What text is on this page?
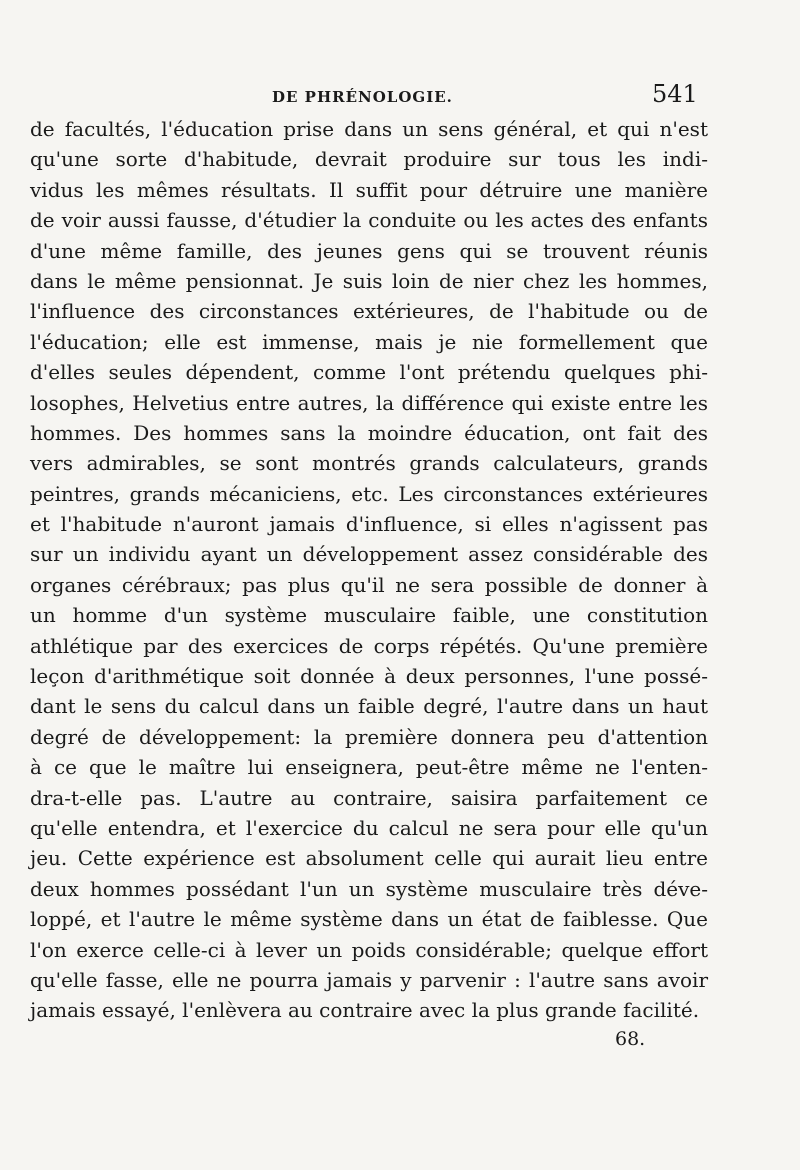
DE PHRÉNOLOGIE.	541
de facultés, l'éducation prise dans un sens général, et qui n'est
qu'une sorte d'habitude, devrait produire sur tous les indi-
vidus les mêmes résultats. Il suffit pour détruire une manière
de voir aussi fausse, d'étudier la conduite ou les actes des enfants
d'une même famille, des jeunes gens qui se trouvent réunis
dans le même pensionnat. Je suis loin de nier chez les hommes,
l'influence des circonstances extérieures, de l'habitude ou de
l'éducation; elle est immense, mais je nie formellement que
d'elles seules dépendent, comme l'ont prétendu quelques phi-
losophes, Helvetius entre autres, la différence qui existe entre les
hommes. Des hommes sans la moindre éducation, ont fait des
vers admirables, se sont montrés grands calculateurs, grands
peintres, grands mécaniciens, etc. Les circonstances extérieures
et l'habitude n'auront jamais d'influence, si elles n'agissent pas
sur un individu ayant un développement assez considérable des
organes cérébraux; pas plus qu'il ne sera possible de donner à
un homme d'un système musculaire faible, une constitution
athlétique par des exercices de corps répétés. Qu'une première
leçon d'arithmétique soit donnée à deux personnes, l'une possé-
dant le sens du calcul dans un faible degré, l'autre dans un haut
degré de développement: la première donnera peu d'attention
à ce que le maître lui enseignera, peut-être même ne l'enten-
dra-t-elle pas. L'autre au contraire, saisira parfaitement ce
qu'elle entendra, et l'exercice du calcul ne sera pour elle qu'un
jeu. Cette expérience est absolument celle qui aurait lieu entre
deux hommes possédant l'un un système musculaire très déve-
loppé, et l'autre le même système dans un état de faiblesse. Que
l'on exerce celle-ci à lever un poids considérable; quelque effort
qu'elle fasse, elle ne pourra jamais y parvenir : l'autre sans avoir
jamais essayé, l'enlèvera au contraire avec la plus grande facilité.
68.
